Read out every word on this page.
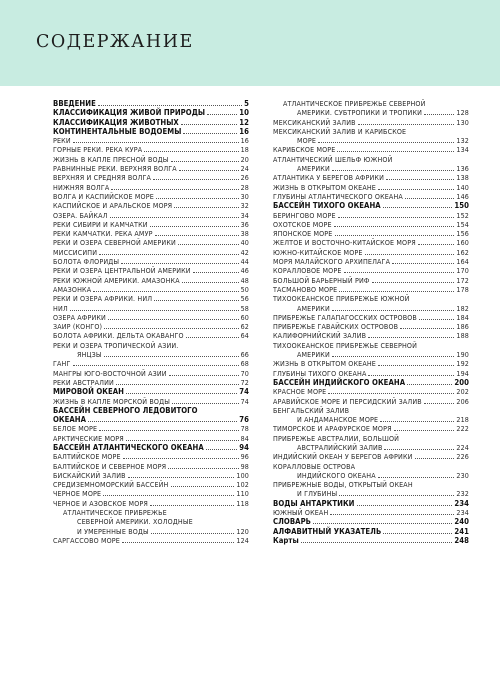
СОДЕРЖАНИЕ
ВВЕДЕНИЕ	5
КЛАССИФИКАЦИЯ ЖИВОЙ ПРИРОДЫ	10
КЛАССИФИКАЦИЯ ЖИВОТНЫХ	12
КОНТИНЕНТАЛЬНЫЕ ВОДОЕМЫ	16
РЕКИ	16
ГОРНЫЕ РЕКИ. РЕКА КУРА	18
ЖИЗНЬ В КАПЛЕ ПРЕСНОЙ ВОДЫ	20
РАВНИННЫЕ РЕКИ. ВЕРХНЯЯ ВОЛГА	24
ВЕРХНЯЯ И СРЕДНЯЯ ВОЛГА	26
НИЖНЯЯ ВОЛГА	28
ВОЛГА И КАСПИЙСКОЕ МОРЕ	30
КАСПИЙСКОЕ И АРАЛЬСКОЕ МОРЯ	32
ОЗЕРА. БАЙКАЛ	34
РЕКИ СИБИРИ И КАМЧАТКИ	36
РЕКИ КАМЧАТКИ. РЕКА АМУР	38
РЕКИ И ОЗЕРА СЕВЕРНОЙ АМЕРИКИ	40
МИССИСИПИ	42
БОЛОТА ФЛОРИДЫ	44
РЕКИ И ОЗЕРА ЦЕНТРАЛЬНОЙ АМЕРИКИ	46
РЕКИ ЮЖНОЙ АМЕРИКИ. АМАЗОНКА	48
АМАЗОНКА	50
РЕКИ И ОЗЕРА АФРИКИ. НИЛ	56
НИЛ	58
ОЗЕРА АФРИКИ	60
ЗАИР (КОНГО)	62
БОЛОТА АФРИКИ. ДЕЛЬТА ОКАВАНГО	64
РЕКИ И ОЗЕРА ТРОПИЧЕСКОЙ АЗИИ.
ЯНЦЗЫ	66
ГАНГ	68
МАНГРЫ ЮГО-ВОСТОЧНОЙ АЗИИ	70
РЕКИ АВСТРАЛИИ	72
МИРОВОЙ ОКЕАН	74
ЖИЗНЬ В КАПЛЕ МОРСКОЙ ВОДЫ	74
БАССЕЙН СЕВЕРНОГО ЛЕДОВИТОГО
ОКЕАНА	76
БЕЛОЕ МОРЕ	78
АРКТИЧЕСКИЕ МОРЯ	84
БАССЕЙН АТЛАНТИЧЕСКОГО ОКЕАНА	94
БАЛТИЙСКОЕ МОРЕ	96
БАЛТИЙСКОЕ И СЕВЕРНОЕ МОРЯ	98
БИСКАЙСКИЙ ЗАЛИВ	100
СРЕДИЗЕМНОМОРСКИЙ БАССЕЙН	102
ЧЕРНОЕ МОРЕ	110
ЧЕРНОЕ И АЗОВСКОЕ МОРЯ	118
АТЛАНТИЧЕСКОЕ ПРИБРЕЖЬЕ
СЕВЕРНОЙ АМЕРИКИ. ХОЛОДНЫЕ
И УМЕРЕННЫЕ ВОДЫ	120
САРГАССОВО МОРЕ	124
АТЛАНТИЧЕСКОЕ ПРИБРЕЖЬЕ СЕВЕРНОЙ
АМЕРИКИ. СУБТРОПИКИ И ТРОПИКИ	128
МЕКСИКАНСКИЙ ЗАЛИВ	130
МЕКСИКАНСКИЙ ЗАЛИВ И КАРИБСКОЕ
МОРЕ	132
КАРИБСКОЕ МОРЕ	134
АТЛАНТИЧЕСКИЙ ШЕЛЬФ ЮЖНОЙ
АМЕРИКИ	136
АТЛАНТИКА У БЕРЕГОВ АФРИКИ	138
ЖИЗНЬ В ОТКРЫТОМ ОКЕАНЕ	140
ГЛУБИНЫ АТЛАНТИЧЕСКОГО ОКЕАНА	146
БАССЕЙН ТИХОГО ОКЕАНА	150
БЕРИНГОВО МОРЕ	152
ОХОТСКОЕ МОРЕ	154
ЯПОНСКОЕ МОРЕ	156
ЖЕЛТОЕ И ВОСТОЧНО-КИТАЙСКОЕ МОРЯ	160
ЮЖНО-КИТАЙСКОЕ МОРЕ	162
МОРЯ МАЛАЙСКОГО АРХИПЕЛАГА	164
КОРАЛЛОВОЕ МОРЕ	170
БОЛЬШОЙ БАРЬЕРНЫЙ РИФ	172
ТАСМАНОВО МОРЕ	178
ТИХООКЕАНСКОЕ ПРИБРЕЖЬЕ ЮЖНОЙ
АМЕРИКИ	182
ПРИБРЕЖЬЕ ГАЛАПАГОССКИХ ОСТРОВОВ	184
ПРИБРЕЖЬЕ ГАВАЙСКИХ ОСТРОВОВ	186
КАЛИФОРНИЙСКИЙ ЗАЛИВ	188
ТИХООКЕАНСКОЕ ПРИБРЕЖЬЕ СЕВЕРНОЙ
АМЕРИКИ	190
ЖИЗНЬ В ОТКРЫТОМ ОКЕАНЕ	192
ГЛУБИНЫ ТИХОГО ОКЕАНА	194
БАССЕЙН ИНДИЙСКОГО ОКЕАНА	200
КРАСНОЕ МОРЕ	202
АРАВИЙСКОЕ МОРЕ И ПЕРСИДСКИЙ ЗАЛИВ	206
БЕНГАЛЬСКИЙ ЗАЛИВ
И АНДАМАНСКОЕ МОРЕ	218
ТИМОРСКОЕ И АРАФУРСКОЕ МОРЯ	222
ПРИБРЕЖЬЕ АВСТРАЛИИ, БОЛЬШОЙ
АВСТРАЛИЙСКИЙ ЗАЛИВ	224
ИНДИЙСКИЙ ОКЕАН У БЕРЕГОВ АФРИКИ	226
КОРАЛЛОВЫЕ ОСТРОВА
ИНДИЙСКОГО ОКЕАНА	230
ПРИБРЕЖНЫЕ ВОДЫ, ОТКРЫТЫЙ ОКЕАН
И ГЛУБИНЫ	232
ВОДЫ АНТАРКТИКИ	234
ЮЖНЫЙ ОКЕАН	234
СЛОВАРЬ	240
АЛФАВИТНЫЙ УКАЗАТЕЛЬ	241
Карты	248
